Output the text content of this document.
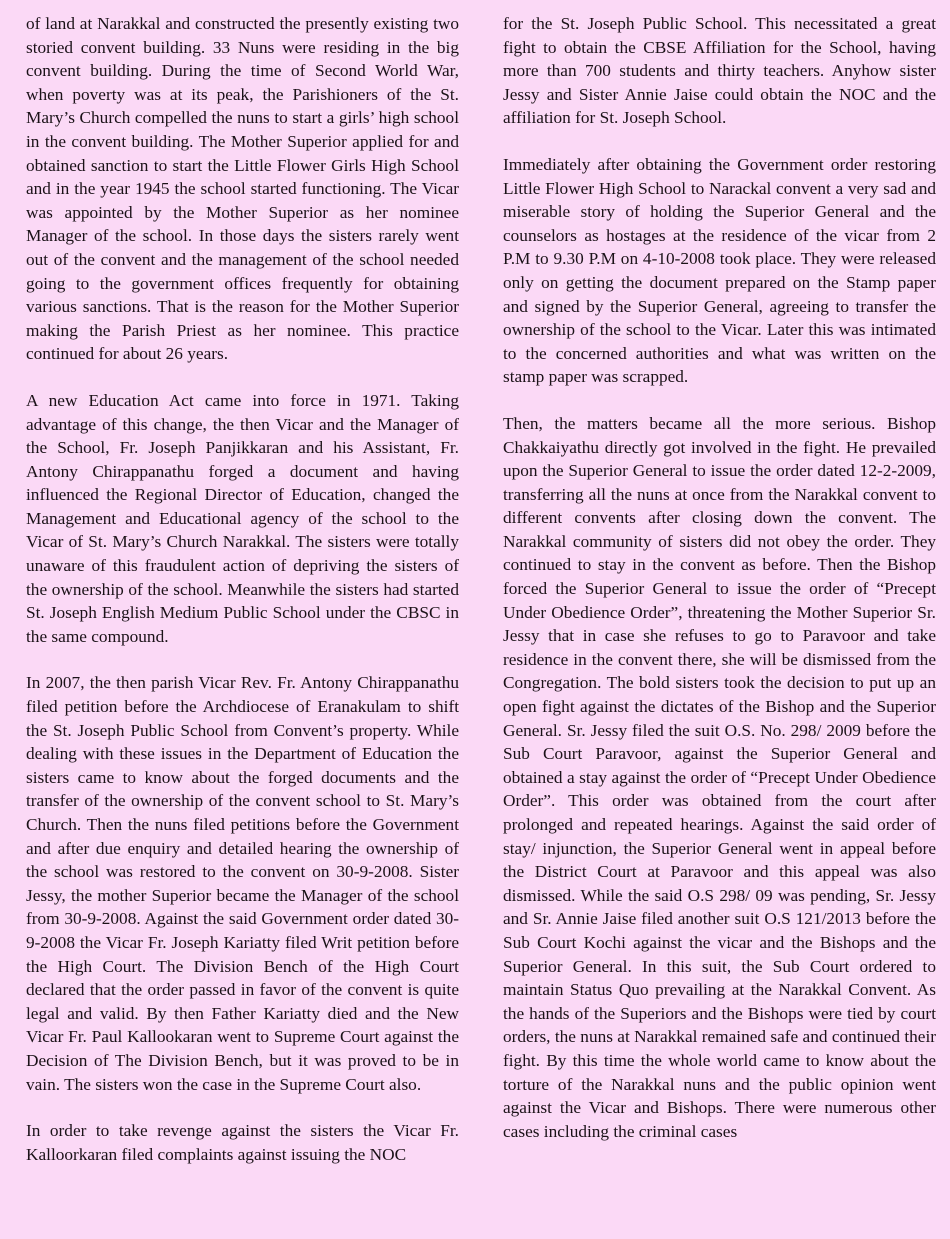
of land at Narakkal and constructed the presently existing two storied convent building. 33 Nuns were residing in the big convent building. During the time of Second World War, when poverty was at its peak, the Parishioners of the St. Mary’s Church compelled the nuns to start a girls’ high school in the convent building. The Mother Superior applied for and obtained sanction to start the Little Flower Girls High School and in the year 1945 the school started functioning. The Vicar was appointed by the Mother Superior as her nominee Manager of the school. In those days the sisters rarely went out of the convent and the management of the school needed going to the government offices frequently for obtaining various sanctions. That is the reason for the Mother Superior making the Parish Priest as her nominee. This practice continued for about 26 years.

A new Education Act came into force in 1971. Taking advantage of this change, the then Vicar and the Manager of the School, Fr. Joseph Panjikkaran and his Assistant, Fr. Antony Chirappanathu forged a document and having influenced the Regional Director of Education, changed the Management and Educational agency of the school to the Vicar of St. Mary’s Church Narakkal. The sisters were totally unaware of this fraudulent action of depriving the sisters of the ownership of the school. Meanwhile the sisters had started St. Joseph English Medium Public School under the CBSC in the same compound.

In 2007, the then parish Vicar Rev. Fr. Antony Chirappanathu filed petition before the Archdiocese of Eranakulam to shift the St. Joseph Public School from Convent’s property. While dealing with these issues in the Department of Education the sisters came to know about the forged documents and the transfer of the ownership of the convent school to St. Mary’s Church. Then the nuns filed petitions before the Government and after due enquiry and detailed hearing the ownership of the school was restored to the convent on 30-9-2008. Sister Jessy, the mother Superior became the Manager of the school from 30-9-2008. Against the said Government order dated 30-9-2008 the Vicar Fr. Joseph Kariatty filed Writ petition before the High Court. The Division Bench of the High Court declared that the order passed in favor of the convent is quite legal and valid. By then Father Kariatty died and the New Vicar Fr. Paul Kallookaran went to Supreme Court against the Decision of The Division Bench, but it was proved to be in vain. The sisters won the case in the Supreme Court also.

In order to take revenge against the sisters the Vicar Fr. Kalloorkaran filed complaints against issuing the NOC

for the St. Joseph Public School. This necessitated a great fight to obtain the CBSE Affiliation for the School, having more than 700 students and thirty teachers. Anyhow sister Jessy and Sister Annie Jaise could obtain the NOC and the affiliation for St. Joseph School.

Immediately after obtaining the Government order restoring Little Flower High School to Narackal convent a very sad and miserable story of holding the Superior General and the counselors as hostages at the residence of the vicar from 2 P.M to 9.30 P.M on 4-10-2008 took place. They were released only on getting the document prepared on the Stamp paper and signed by the Superior General, agreeing to transfer the ownership of the school to the Vicar. Later this was intimated to the concerned authorities and what was written on the stamp paper was scrapped.

Then, the matters became all the more serious. Bishop Chakkaiyathu directly got involved in the fight. He prevailed upon the Superior General to issue the order dated 12-2-2009, transferring all the nuns at once from the Narakkal convent to different convents after closing down the convent. The Narakkal community of sisters did not obey the order. They continued to stay in the convent as before. Then the Bishop forced the Superior General to issue the order of “Precept Under Obedience Order”, threatening the Mother Superior Sr. Jessy that in case she refuses to go to Paravoor and take residence in the convent there, she will be dismissed from the Congregation. The bold sisters took the decision to put up an open fight against the dictates of the Bishop and the Superior General. Sr. Jessy filed the suit O.S. No. 298/ 2009 before the Sub Court Paravoor, against the Superior General and obtained a stay against the order of “Precept Under Obedience Order”. This order was obtained from the court after prolonged and repeated hearings. Against the said order of stay/ injunction, the Superior General went in appeal before the District Court at Paravoor and this appeal was also dismissed. While the said O.S 298/ 09 was pending, Sr. Jessy and Sr. Annie Jaise filed another suit O.S 121/2013 before the Sub Court Kochi against the vicar and the Bishops and the Superior General. In this suit, the Sub Court ordered to maintain Status Quo prevailing at the Narakkal Convent. As the hands of the Superiors and the Bishops were tied by court orders, the nuns at Narakkal remained safe and continued their fight. By this time the whole world came to know about the torture of the Narakkal nuns and the public opinion went against the Vicar and Bishops. There were numerous other cases including the criminal cases
